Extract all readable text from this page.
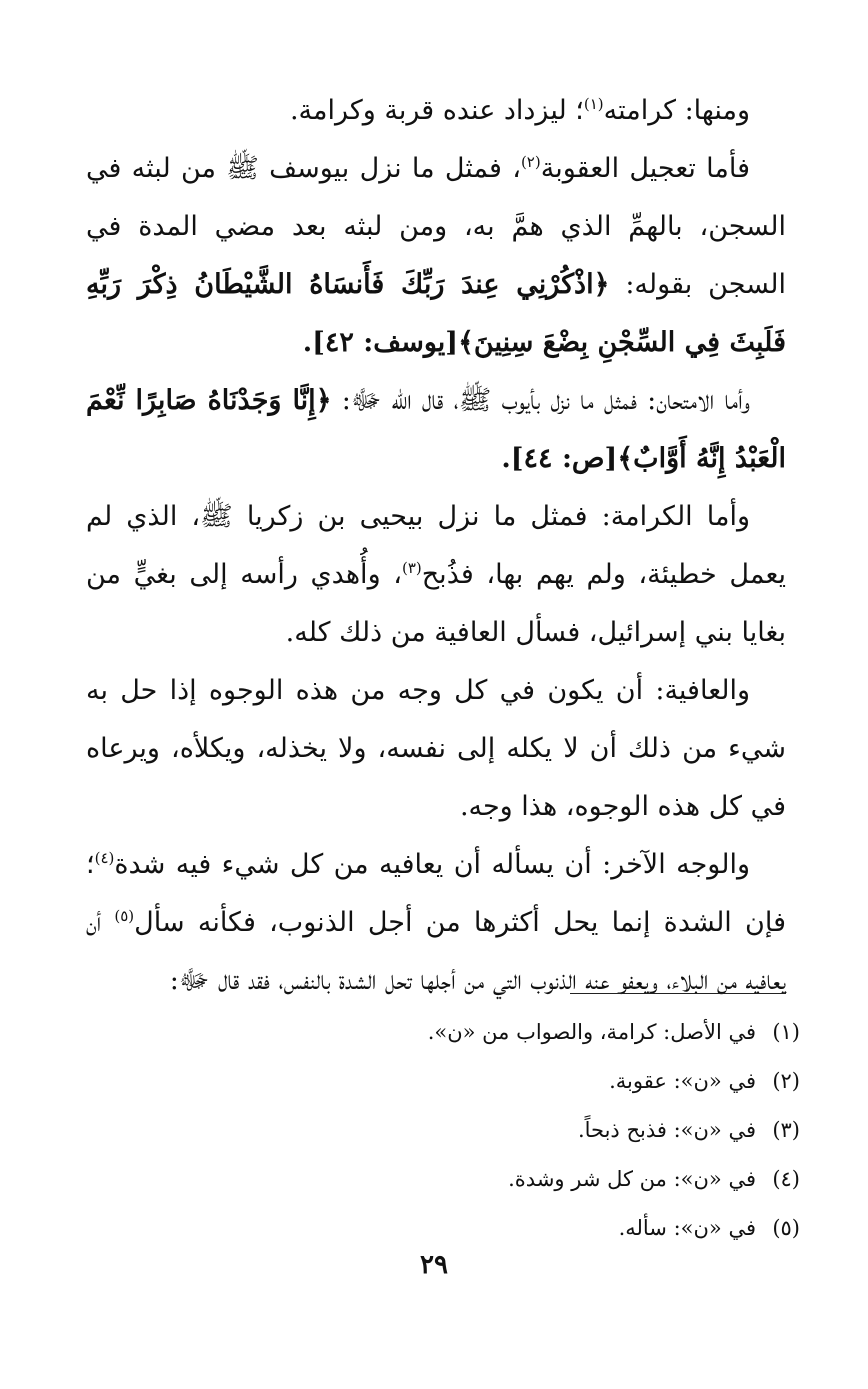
ومنها: كرامته$^{(١)}$؛ ليزداد عنده قربة وكرامة.

فأما تعجيل العقوبة$^{(٢)}$، فمثل ما نزل بيوسف ﷺ من لبثه في السجن، بالهمِّ الذي همَّ به، ومن لبثه بعد مضي المدة في السجن بقوله: ﴿اذْكُرْنِي عِندَ رَبِّكَ فَأَنسَاهُ الشَّيْطَانُ ذِكْرَ رَبِّهِ فَلَبِثَ فِي السِّجْنِ بِضْعَ سِنِينَ﴾[يوسف: ٤٢].

وأما الامتحان: فمثل ما نزل بأيوب ﷺ، قال الله ﷻ: ﴿إِنَّا وَجَدْنَاهُ صَابِرًا نِّعْمَ الْعَبْدُ إِنَّهُ أَوَّابٌ﴾[ص: ٤٤].

وأما الكرامة: فمثل ما نزل بيحيى بن زكريا ﷺ، الذي لم يعمل خطيئة، ولم يهم بها، فذُبح$^{(٣)}$، وأُهدي رأسه إلى بغيٍّ من بغايا بني إسرائيل، فسأل العافية من ذلك كله.

والعافية: أن يكون في كل وجه من هذه الوجوه إذا حل به شيء من ذلك أن لا يكله إلى نفسه، ولا يخذله، ويكلأه، ويرعاه في كل هذه الوجوه، هذا وجه.

والوجه الآخر: أن يسأله أن يعافيه من كل شيء فيه شدة$^{(٤)}$؛ فإن الشدة إنما يحل أكثرها من أجل الذنوب، فكأنه سأل$^{(٥)}$ أن يعافيه من البلاء، ويعفو عنه الذنوب التي من أجلها تحل الشدة بالنفس، فقد قال ﷻ:

(١)
في الأصل: كرامة، والصواب من «ن».
(٢)
في «ن»: عقوبة.
(٣)
في «ن»: فذبح ذبحاً.
(٤)
في «ن»: من كل شر وشدة.
(٥)
في «ن»: سأله.
٢٩
